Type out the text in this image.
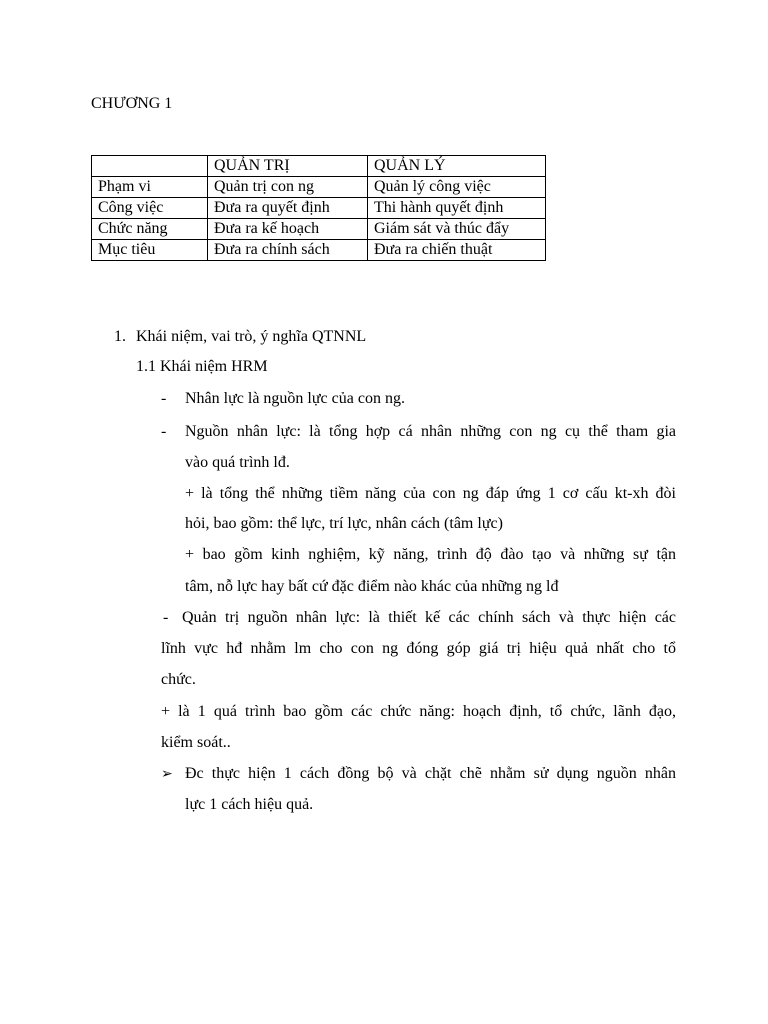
CHƯƠNG 1
	QUẢN TRỊ	QUẢN LÝ
Phạm vi	Quản trị con ng	Quản lý công việc
Công việc	Đưa ra quyết định	Thi hành quyết định
Chức năng	Đưa ra kế hoạch	Giám sát và thúc đẩy
Mục tiêu	Đưa ra chính sách	Đưa ra chiến thuật
1. Khái niệm, vai trò, ý nghĩa QTNNL
1.1 Khái niệm HRM
- Nhân lực là nguồn lực của con ng.
- Nguồn nhân lực: là tổng hợp cá nhân những con ng cụ thể tham gia
vào quá trình lđ.
+ là tổng thể những tiềm năng của con ng đáp ứng 1 cơ cấu kt-xh đòi
hỏi, bao gồm: thể lực, trí lực, nhân cách (tâm lực)
+ bao gồm kinh nghiệm, kỹ năng, trình độ đào tạo và những sự tận
tâm, nỗ lực hay bất cứ đặc điểm nào khác của những ng lđ
- Quản trị nguồn nhân lực: là thiết kế các chính sách và thực hiện các
lĩnh vực hđ nhằm lm cho con ng đóng góp giá trị hiệu quả nhất cho tổ
chức.
+ là 1 quá trình bao gồm các chức năng: hoạch định, tổ chức, lãnh đạo,
kiểm soát..
➢ Đc thực hiện 1 cách đồng bộ và chặt chẽ nhằm sử dụng nguồn nhân
lực 1 cách hiệu quả.
